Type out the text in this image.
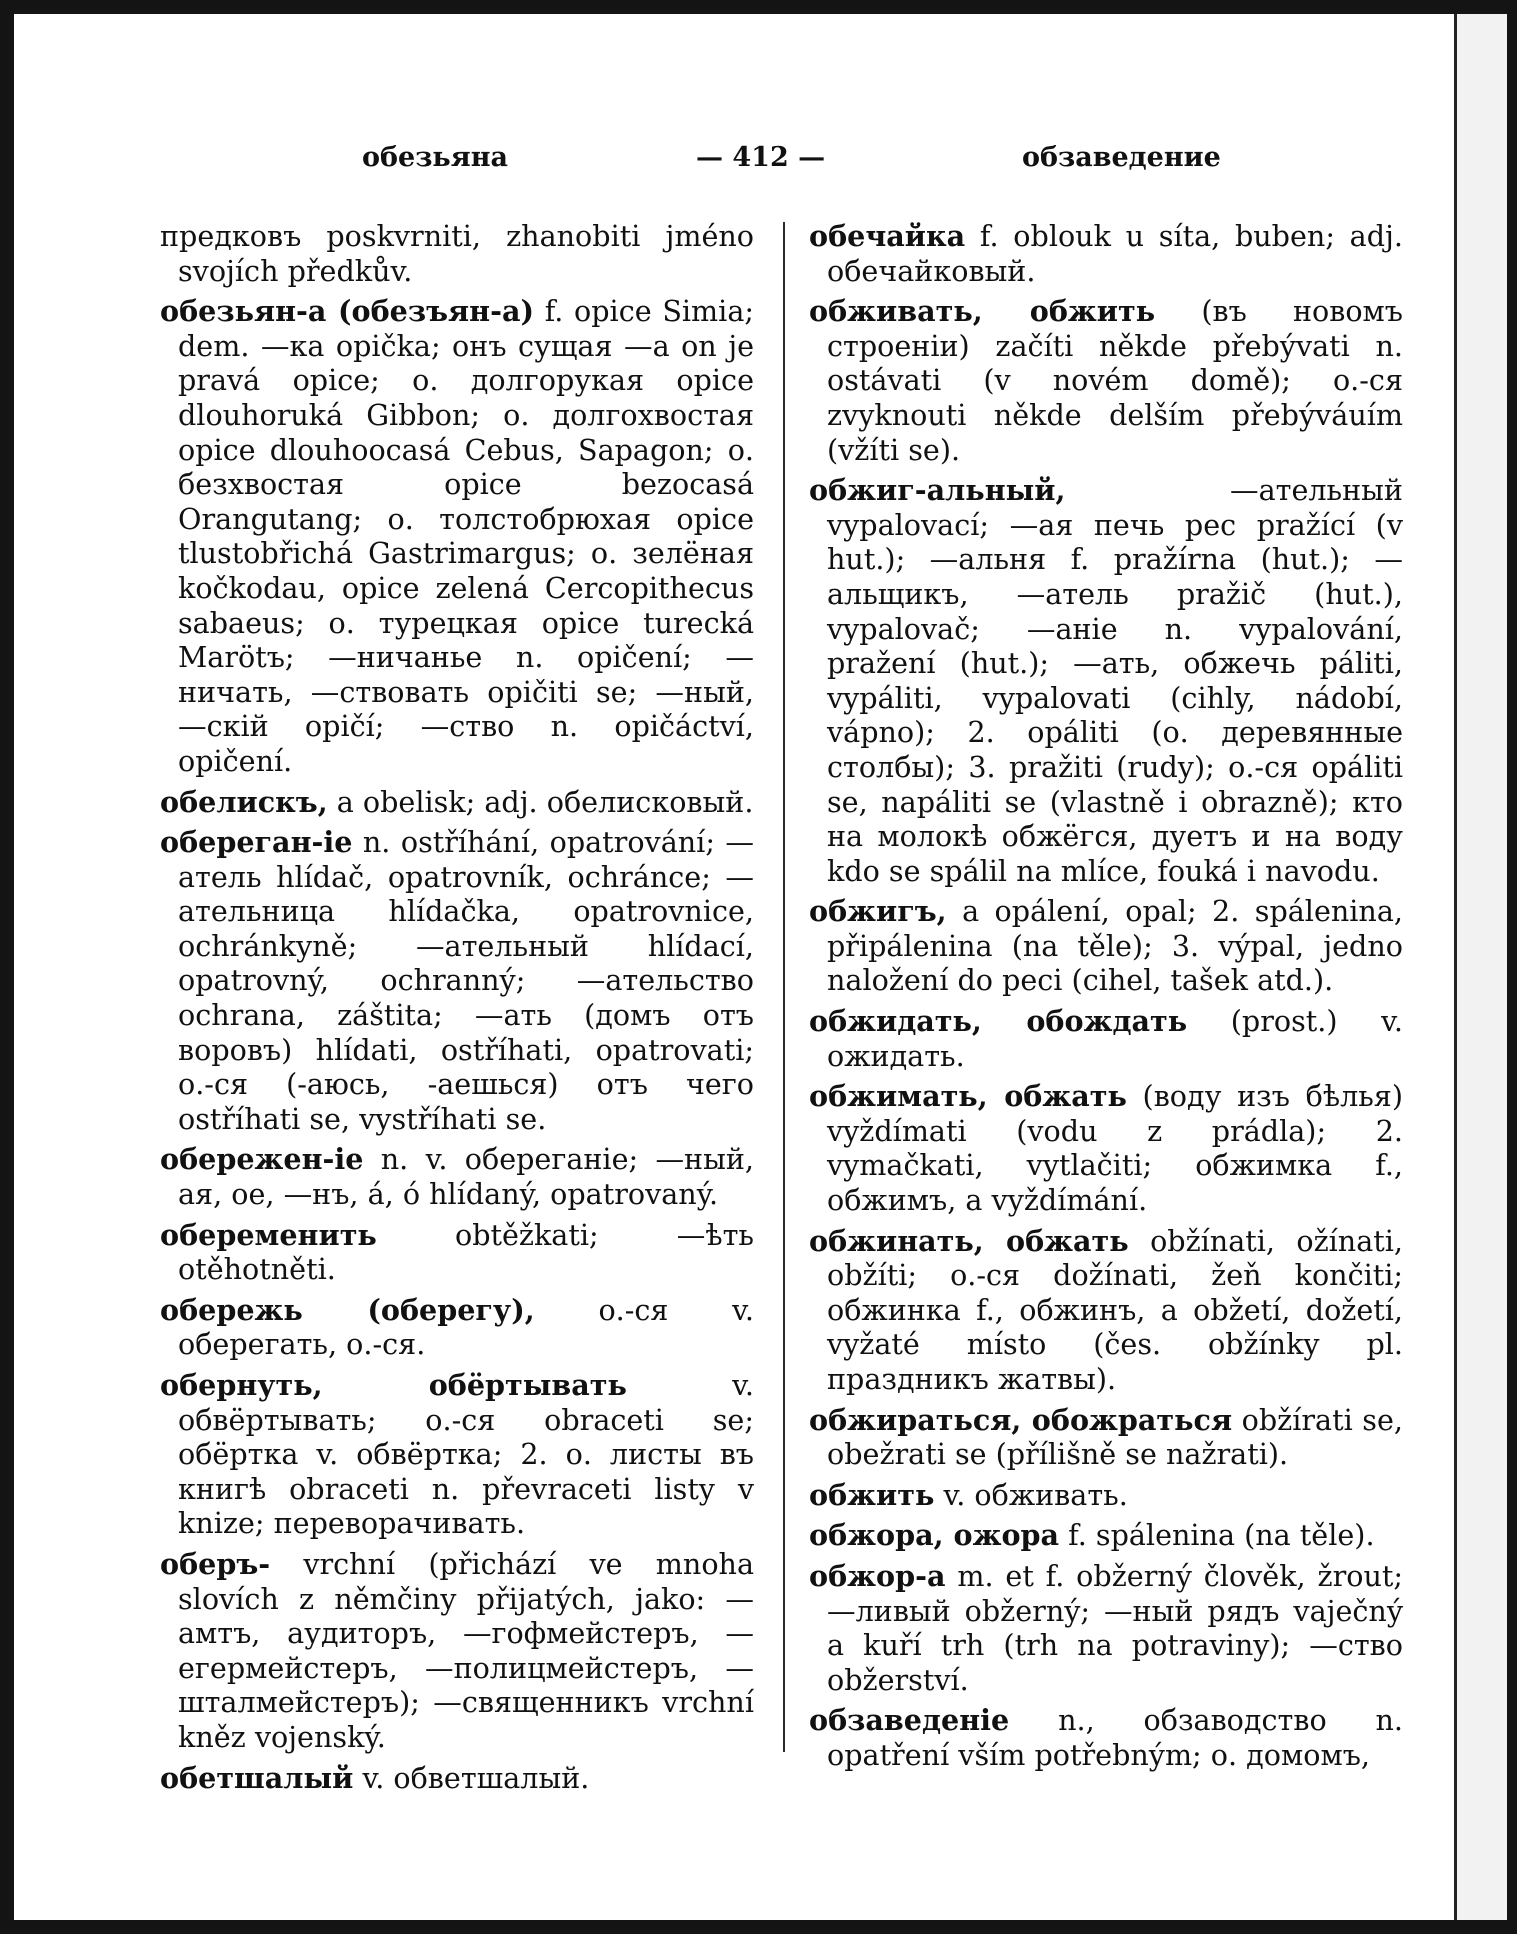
обезьяна	— 412 —	обзаведение

предковъ poskvrniti, zhanobiti jméno svojích předkův.

обезьян-а (обезъян-а) f. opice Simia; dem. —ка opička; онъ сущая —а on je pravá opice; о. долгорукая opice dlouhoruká Gibbon; о. долгохвостая opice dlouhoocasá Cebus, Sapagon; о. безхвостая opice bezocasá Orangutang; о. толстобрюхая opice tlustobřichá Gastrimargus; о. зелёная kočkodau, opice zelená Cercopithecus sabaeus; о. турецкая opice turecká Marötъ; —ничанье n. opičení; —ничать, —ствовать opičiti se; —ный, —скій opičí; —ство n. opičáctví, opičení.

обелискъ, a obelisk; adj. обелисковый.

обереган-ie n. ostříhání, opatrování; —атель hlídač, opatrovník, ochránce; —ательница hlídačka, opatrovnice, ochránkyně; —ательный hlídací, opatrovný, ochranný; —ательство ochrana, záštita; —ать (домъ отъ воровъ) hlídati, ostříhati, opatrovati; о.-ся (-аюсь, -аешься) отъ чего ostříhati se, vystříhati se.

обережен-ie n. v. обереганie; —ный, ая, ое, —нъ, á, ó hlídaný, opatrovaný.

обеременить	obtěžkati; —ѣть otěhotněti.

обережь (оберегу), о.-ся v. оберегать, о.-ся.

обернуть, обёртывать	v. обвёртывать; о.-ся obraceti se; обёртка v. обвёртка; 2. о. листы въ книгѣ obraceti n. převraceti listy v knize; переворачивать.

оберъ- vrchní (přichází ve mnoha slovích z němčiny přijatých, jako: —амтъ, аудиторъ, —гофмейстеръ, —егермейстеръ, —полицмейстеръ, —шталмейстеръ); —священникъ vrchní kněz vojenský.

обетшалый v. обветшалый.

обечайка f. oblouk u síta, buben; adj. обечайковый.

обживать, обжить (въ новомъ строеніи) začíti někde přebývati n. ostávati (v novém domě); о.-ся zvyknouti někde delším přebýváuím (vžíti se).

обжиг-альный,	—ательный vypalovací; —ая печь pec pražící (v hut.); —альня f. pražírna (hut.); —альщикъ, —атель pražič (hut.), vypalovač; —аніе n. vypalování, pražení (hut.); —ать, обжечь páliti, vypáliti, vypalovati (cihly, nádobí, vápno); 2. opáliti (о. деревянные столбы); 3. pražiti (rudy); о.-ся opáliti se, napáliti se (vlastně i obrazně); кто на молокѣ обжёгся, дуетъ и на воду kdo se spálil na mlíce, fouká i navodu.

обжигъ, a opálení, opal; 2. spálenina, připálenina (na těle); 3. výpal, jedno naložení do peci (cihel, tašek atd.).

обжидать, обождать (prost.) v. ожидать.

обжимать, обжать (воду изъ бѣлья) vyždímati (vodu z prádla); 2. vymačkati, vytlačiti; обжимка f., обжимъ, a vyždímání.

обжинать, обжать obžínati, ožínati, obžíti; о.-ся dožínati, žeň končiti; обжинка f., обжинъ, a obžetí, dožetí, vyžaté místo (čes. obžínky pl. праздникъ жатвы).

обжираться, обожраться obžírati se, obežrati se (přílišně se nažrati).

обжить v. обживать.

обжора, ожора f. spálenina (na těle).

обжор-а m. et f. obžerný člověk, žrout; —ливый obžerný; —ный рядъ vaječný a kuří trh (trh na potraviny); —ство obžerství.

обзаведеніе n., обзаводство n. opatření vším potřebným; о. домомъ,
